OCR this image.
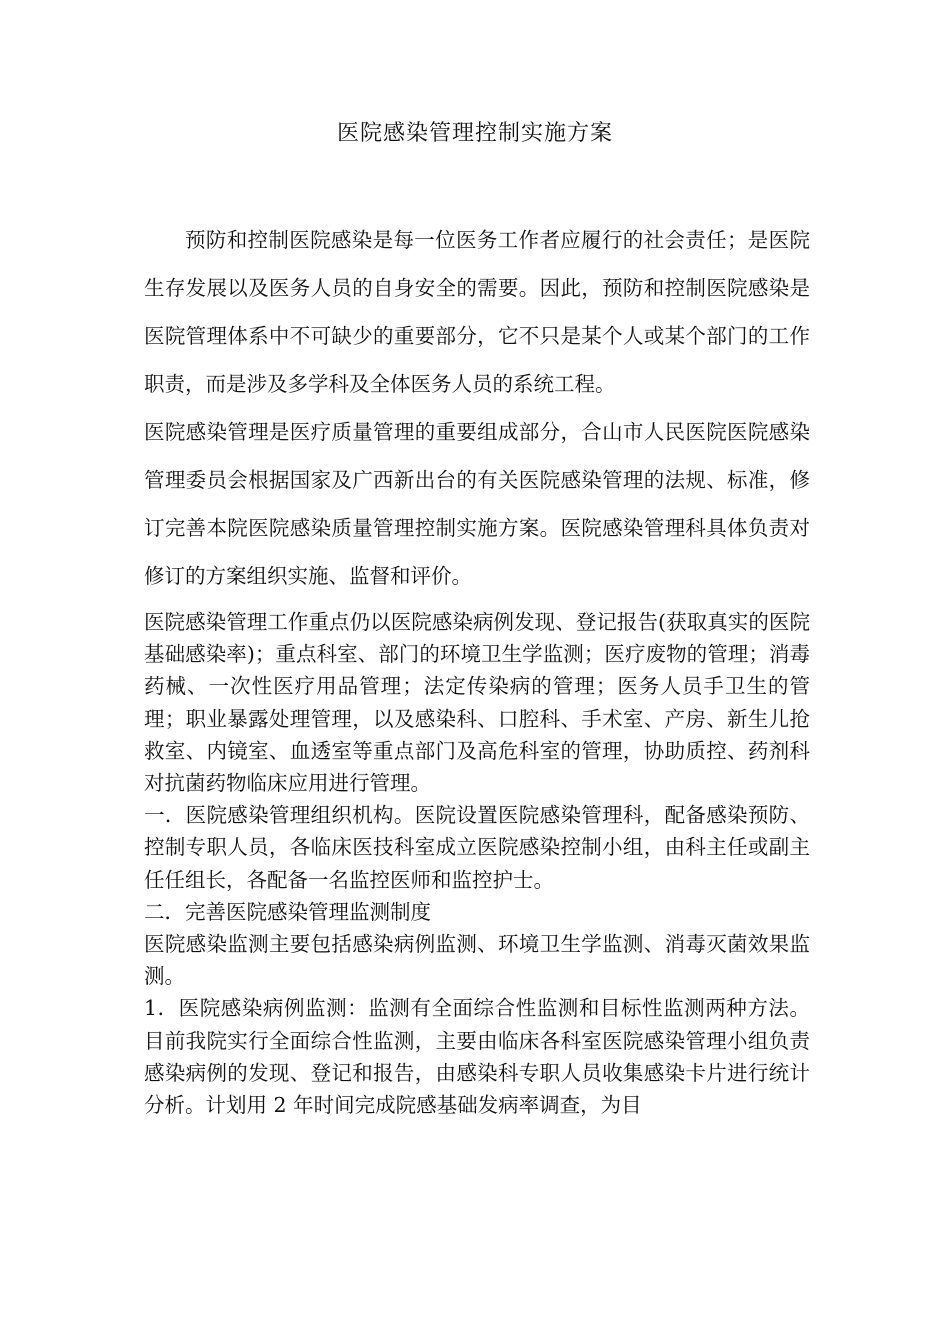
医院感染管理控制实施方案

预防和控制医院感染是每一位医务工作者应履行的社会责任；是医院生存发展以及医务人员的自身安全的需要。因此，预防和控制医院感染是医院管理体系中不可缺少的重要部分，它不只是某个人或某个部门的工作职责，而是涉及多学科及全体医务人员的系统工程。

医院感染管理是医疗质量管理的重要组成部分，合山市人民医院医院感染管理委员会根据国家及广西新出台的有关医院感染管理的法规、标准，修订完善本院医院感染质量管理控制实施方案。医院感染管理科具体负责对修订的方案组织实施、监督和评价。

医院感染管理工作重点仍以医院感染病例发现、登记报告(获取真实的医院基础感染率)；重点科室、部门的环境卫生学监测；医疗废物的管理；消毒药械、一次性医疗用品管理；法定传染病的管理；医务人员手卫生的管理；职业暴露处理管理，以及感染科、口腔科、手术室、产房、新生儿抢救室、内镜室、血透室等重点部门及高危科室的管理，协助质控、药剂科对抗菌药物临床应用进行管理。

一．医院感染管理组织机构。医院设置医院感染管理科，配备感染预防、控制专职人员，各临床医技科室成立医院感染控制小组，由科主任或副主任任组长，各配备一名监控医师和监控护士。

二．完善医院感染管理监测制度

医院感染监测主要包括感染病例监测、环境卫生学监测、消毒灭菌效果监测。

1．医院感染病例监测：监测有全面综合性监测和目标性监测两种方法。目前我院实行全面综合性监测，主要由临床各科室医院感染管理小组负责感染病例的发现、登记和报告，由感染科专职人员收集感染卡片进行统计分析。计划用 2 年时间完成院感基础发病率调查，为目
